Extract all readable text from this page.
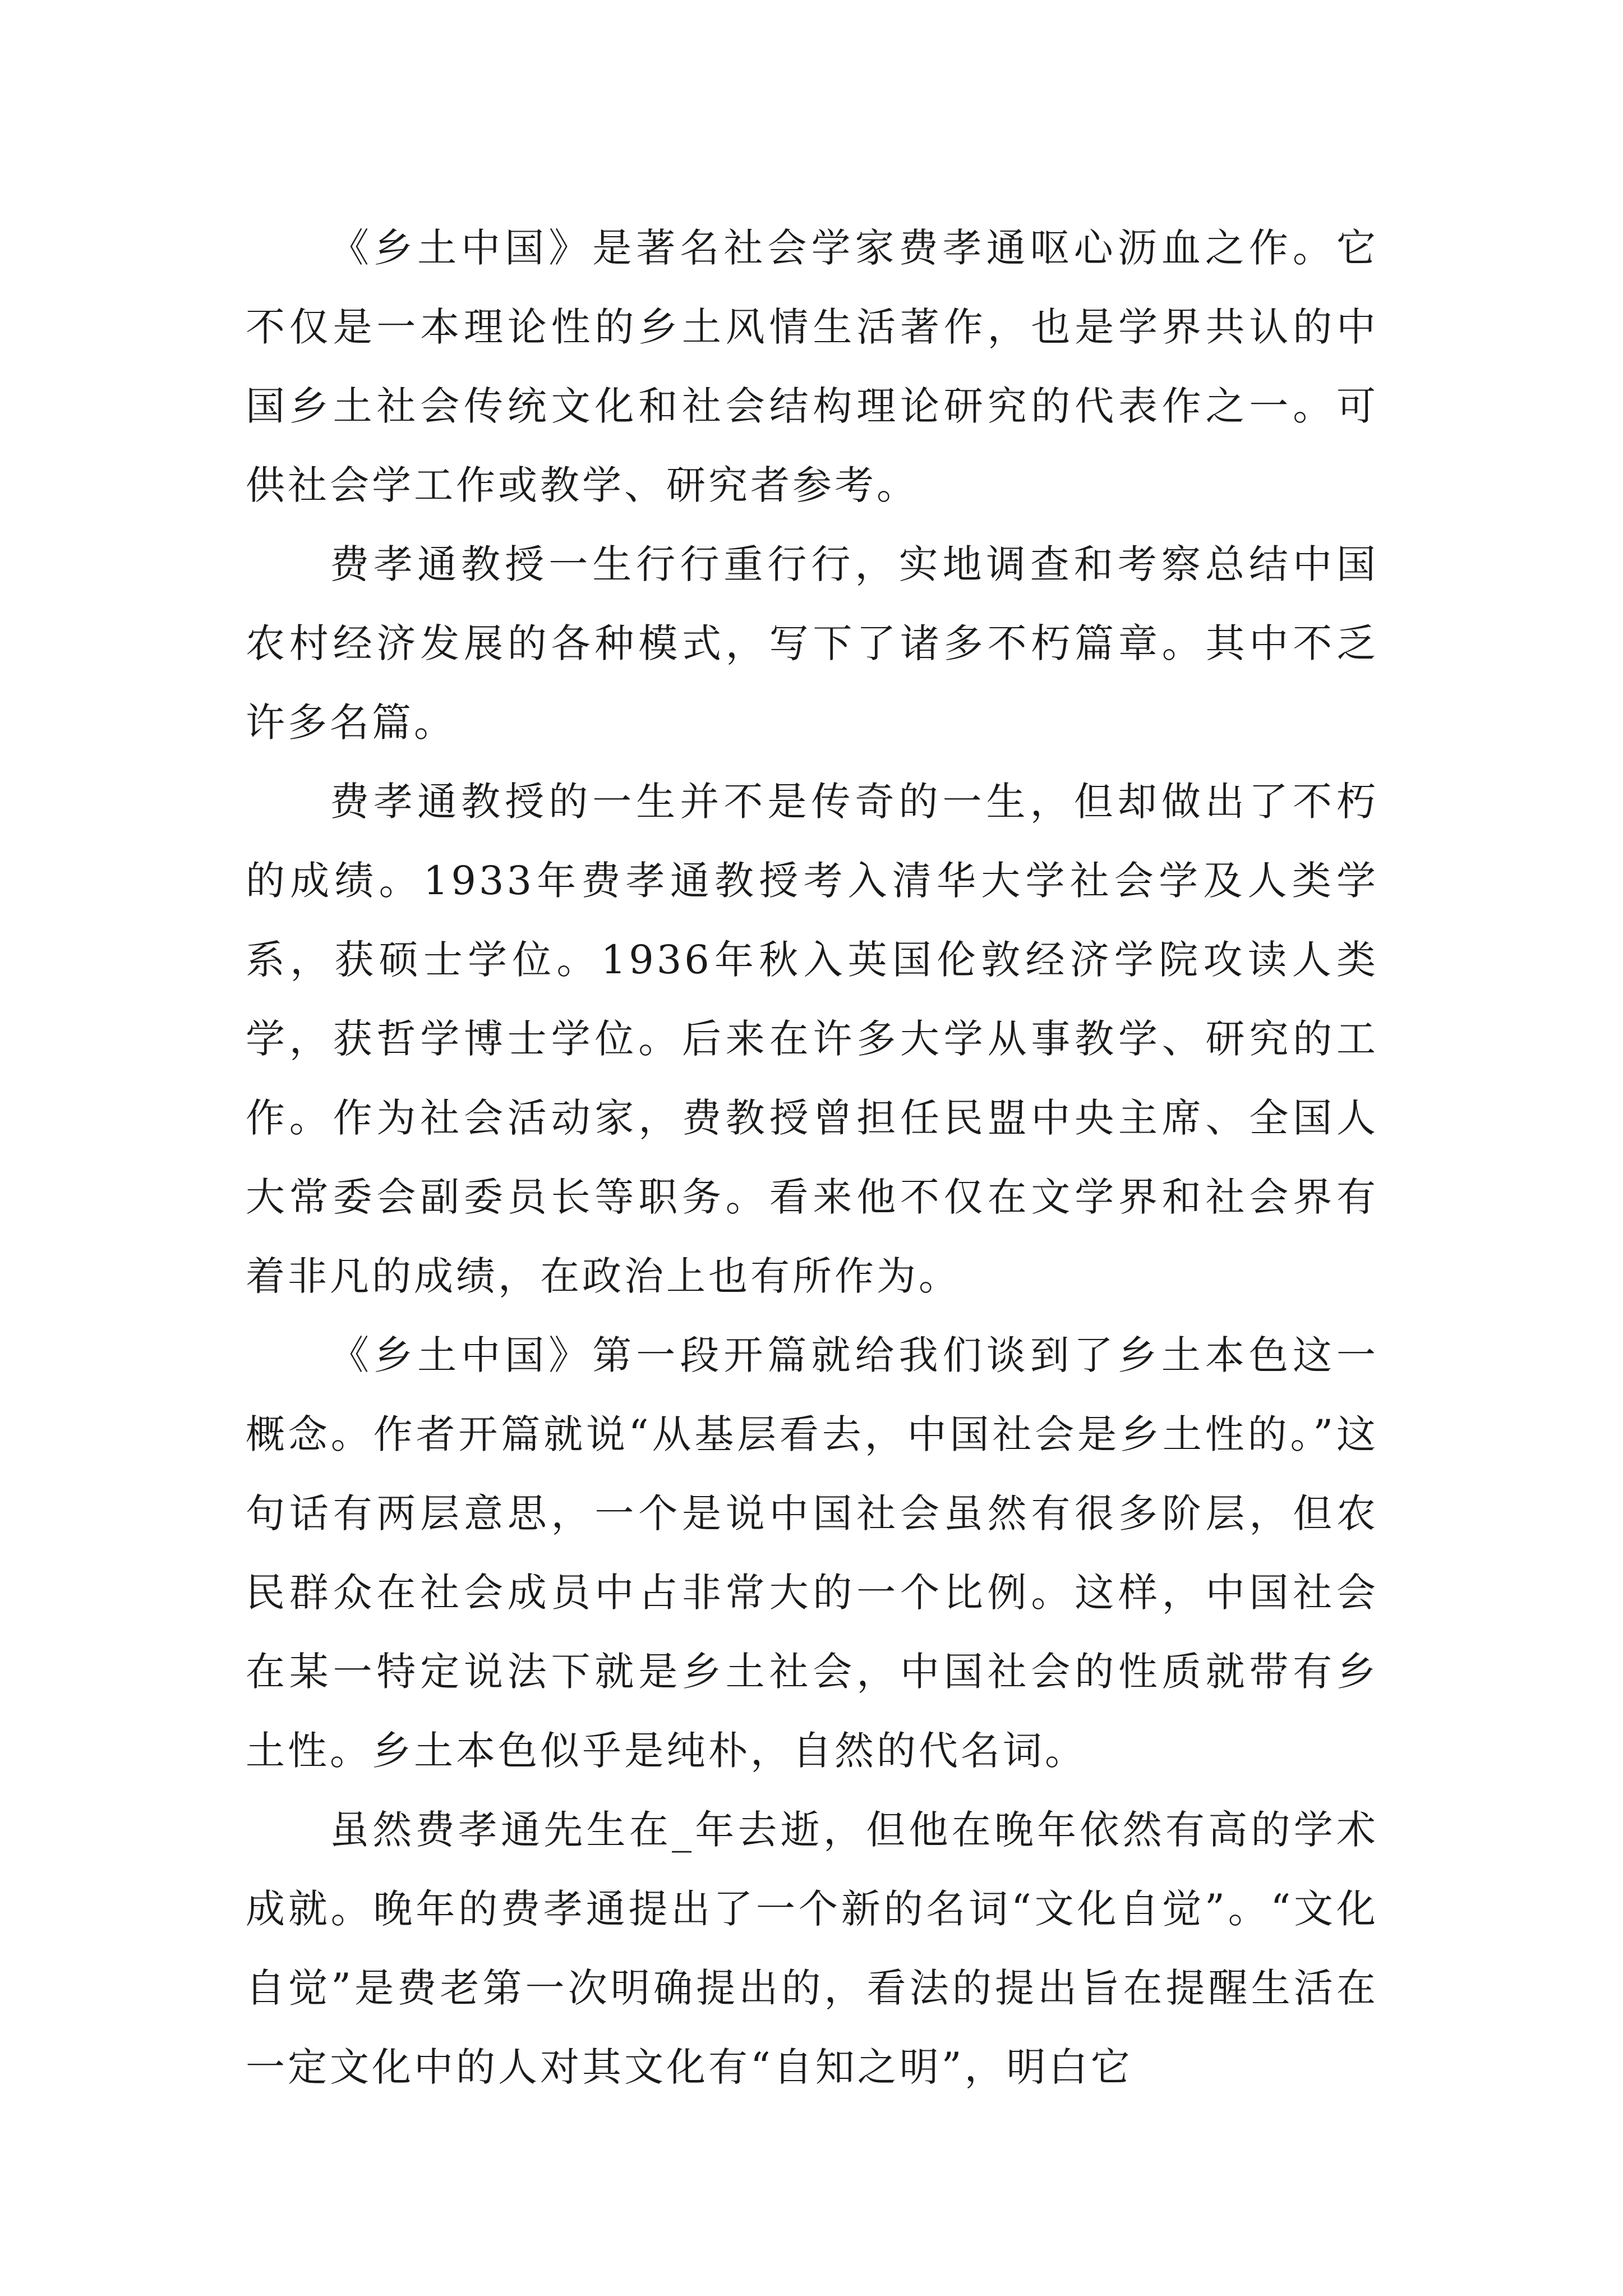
《乡土中国》是著名社会学家费孝通呕心沥血之作。它不仅是一本理论性的乡土风情生活著作，也是学界共认的中国乡土社会传统文化和社会结构理论研究的代表作之一。可供社会学工作或教学、研究者参考。

费孝通教授一生行行重行行，实地调查和考察总结中国农村经济发展的各种模式，写下了诸多不朽篇章。其中不乏许多名篇。

费孝通教授的一生并不是传奇的一生，但却做出了不朽的成绩。1933年费孝通教授考入清华大学社会学及人类学系，获硕士学位。1936年秋入英国伦敦经济学院攻读人类学，获哲学博士学位。后来在许多大学从事教学、研究的工作。作为社会活动家，费教授曾担任民盟中央主席、全国人大常委会副委员长等职务。看来他不仅在文学界和社会界有着非凡的成绩，在政治上也有所作为。

《乡土中国》第一段开篇就给我们谈到了乡土本色这一概念。作者开篇就说“从基层看去，中国社会是乡土性的。”这句话有两层意思，一个是说中国社会虽然有很多阶层，但农民群众在社会成员中占非常大的一个比例。这样，中国社会在某一特定说法下就是乡土社会，中国社会的性质就带有乡土性。乡土本色似乎是纯朴，自然的代名词。

虽然费孝通先生在_年去逝，但他在晚年依然有高的学术成就。晚年的费孝通提出了一个新的名词“文化自觉”。“文化自觉”是费老第一次明确提出的，看法的提出旨在提醒生活在一定文化中的人对其文化有“自知之明”，明白它
